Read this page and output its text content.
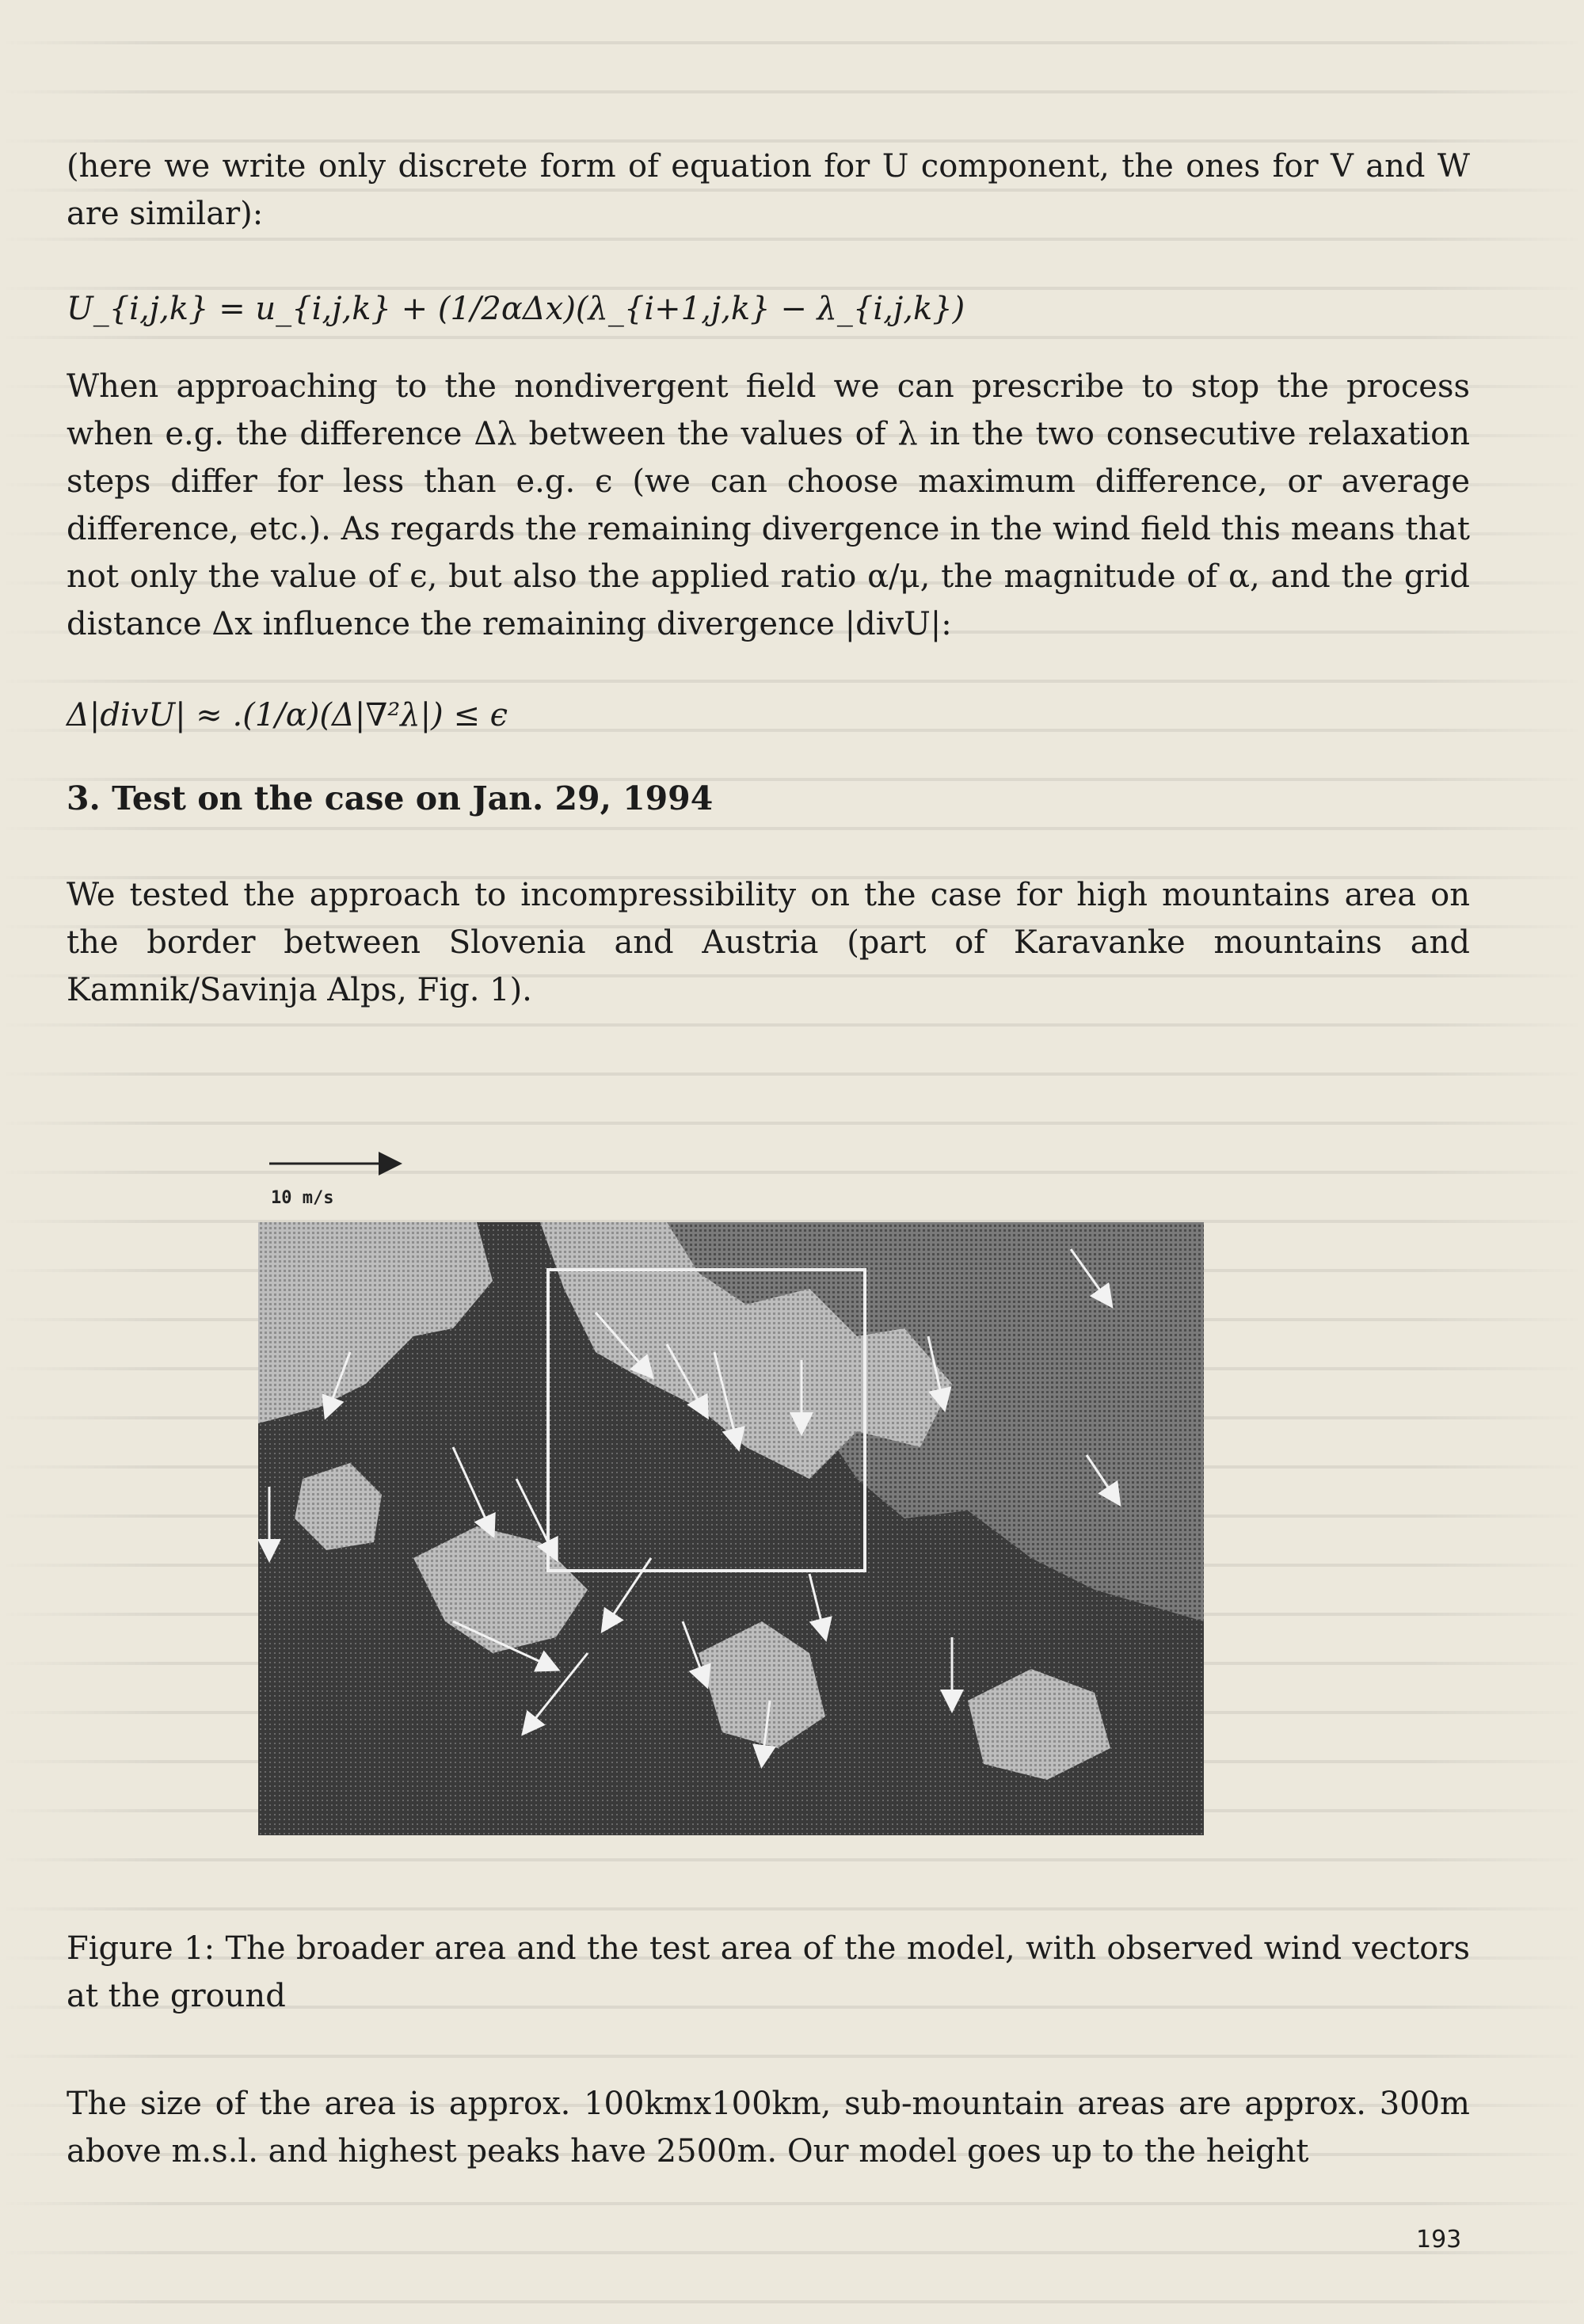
(here we write only discrete form of equation for U component, the ones for V and W are similar):

U_{i,j,k} = u_{i,j,k} + (1/2αΔx)(λ_{i+1,j,k} − λ_{i,j,k})

When approaching to the nondivergent field we can prescribe to stop the process when e.g. the difference Δλ between the values of λ in the two consecutive relaxation steps differ for less than e.g. ϵ (we can choose maximum difference, or average difference, etc.). As regards the remaining divergence in the wind field this means that not only the value of ϵ, but also the applied ratio α/μ, the magnitude of α, and the grid distance Δx influence the remaining divergence |divU|:

Δ|divU| ≈ .(1/α)(Δ|∇²λ|) ≤ ϵ
3. Test on the case on Jan. 29, 1994

We tested the approach to incompressibility on the case for high mountains area on the border between Slovenia and Austria (part of Karavanke mountains and Kamnik/Savinja Alps, Fig. 1).

10 m/s

Figure 1: The broader area and the test area of the model, with observed wind vectors at the ground

The size of the area is approx. 100kmx100km, sub-mountain areas are approx. 300m above m.s.l. and highest peaks have 2500m. Our model goes up to the height

193
